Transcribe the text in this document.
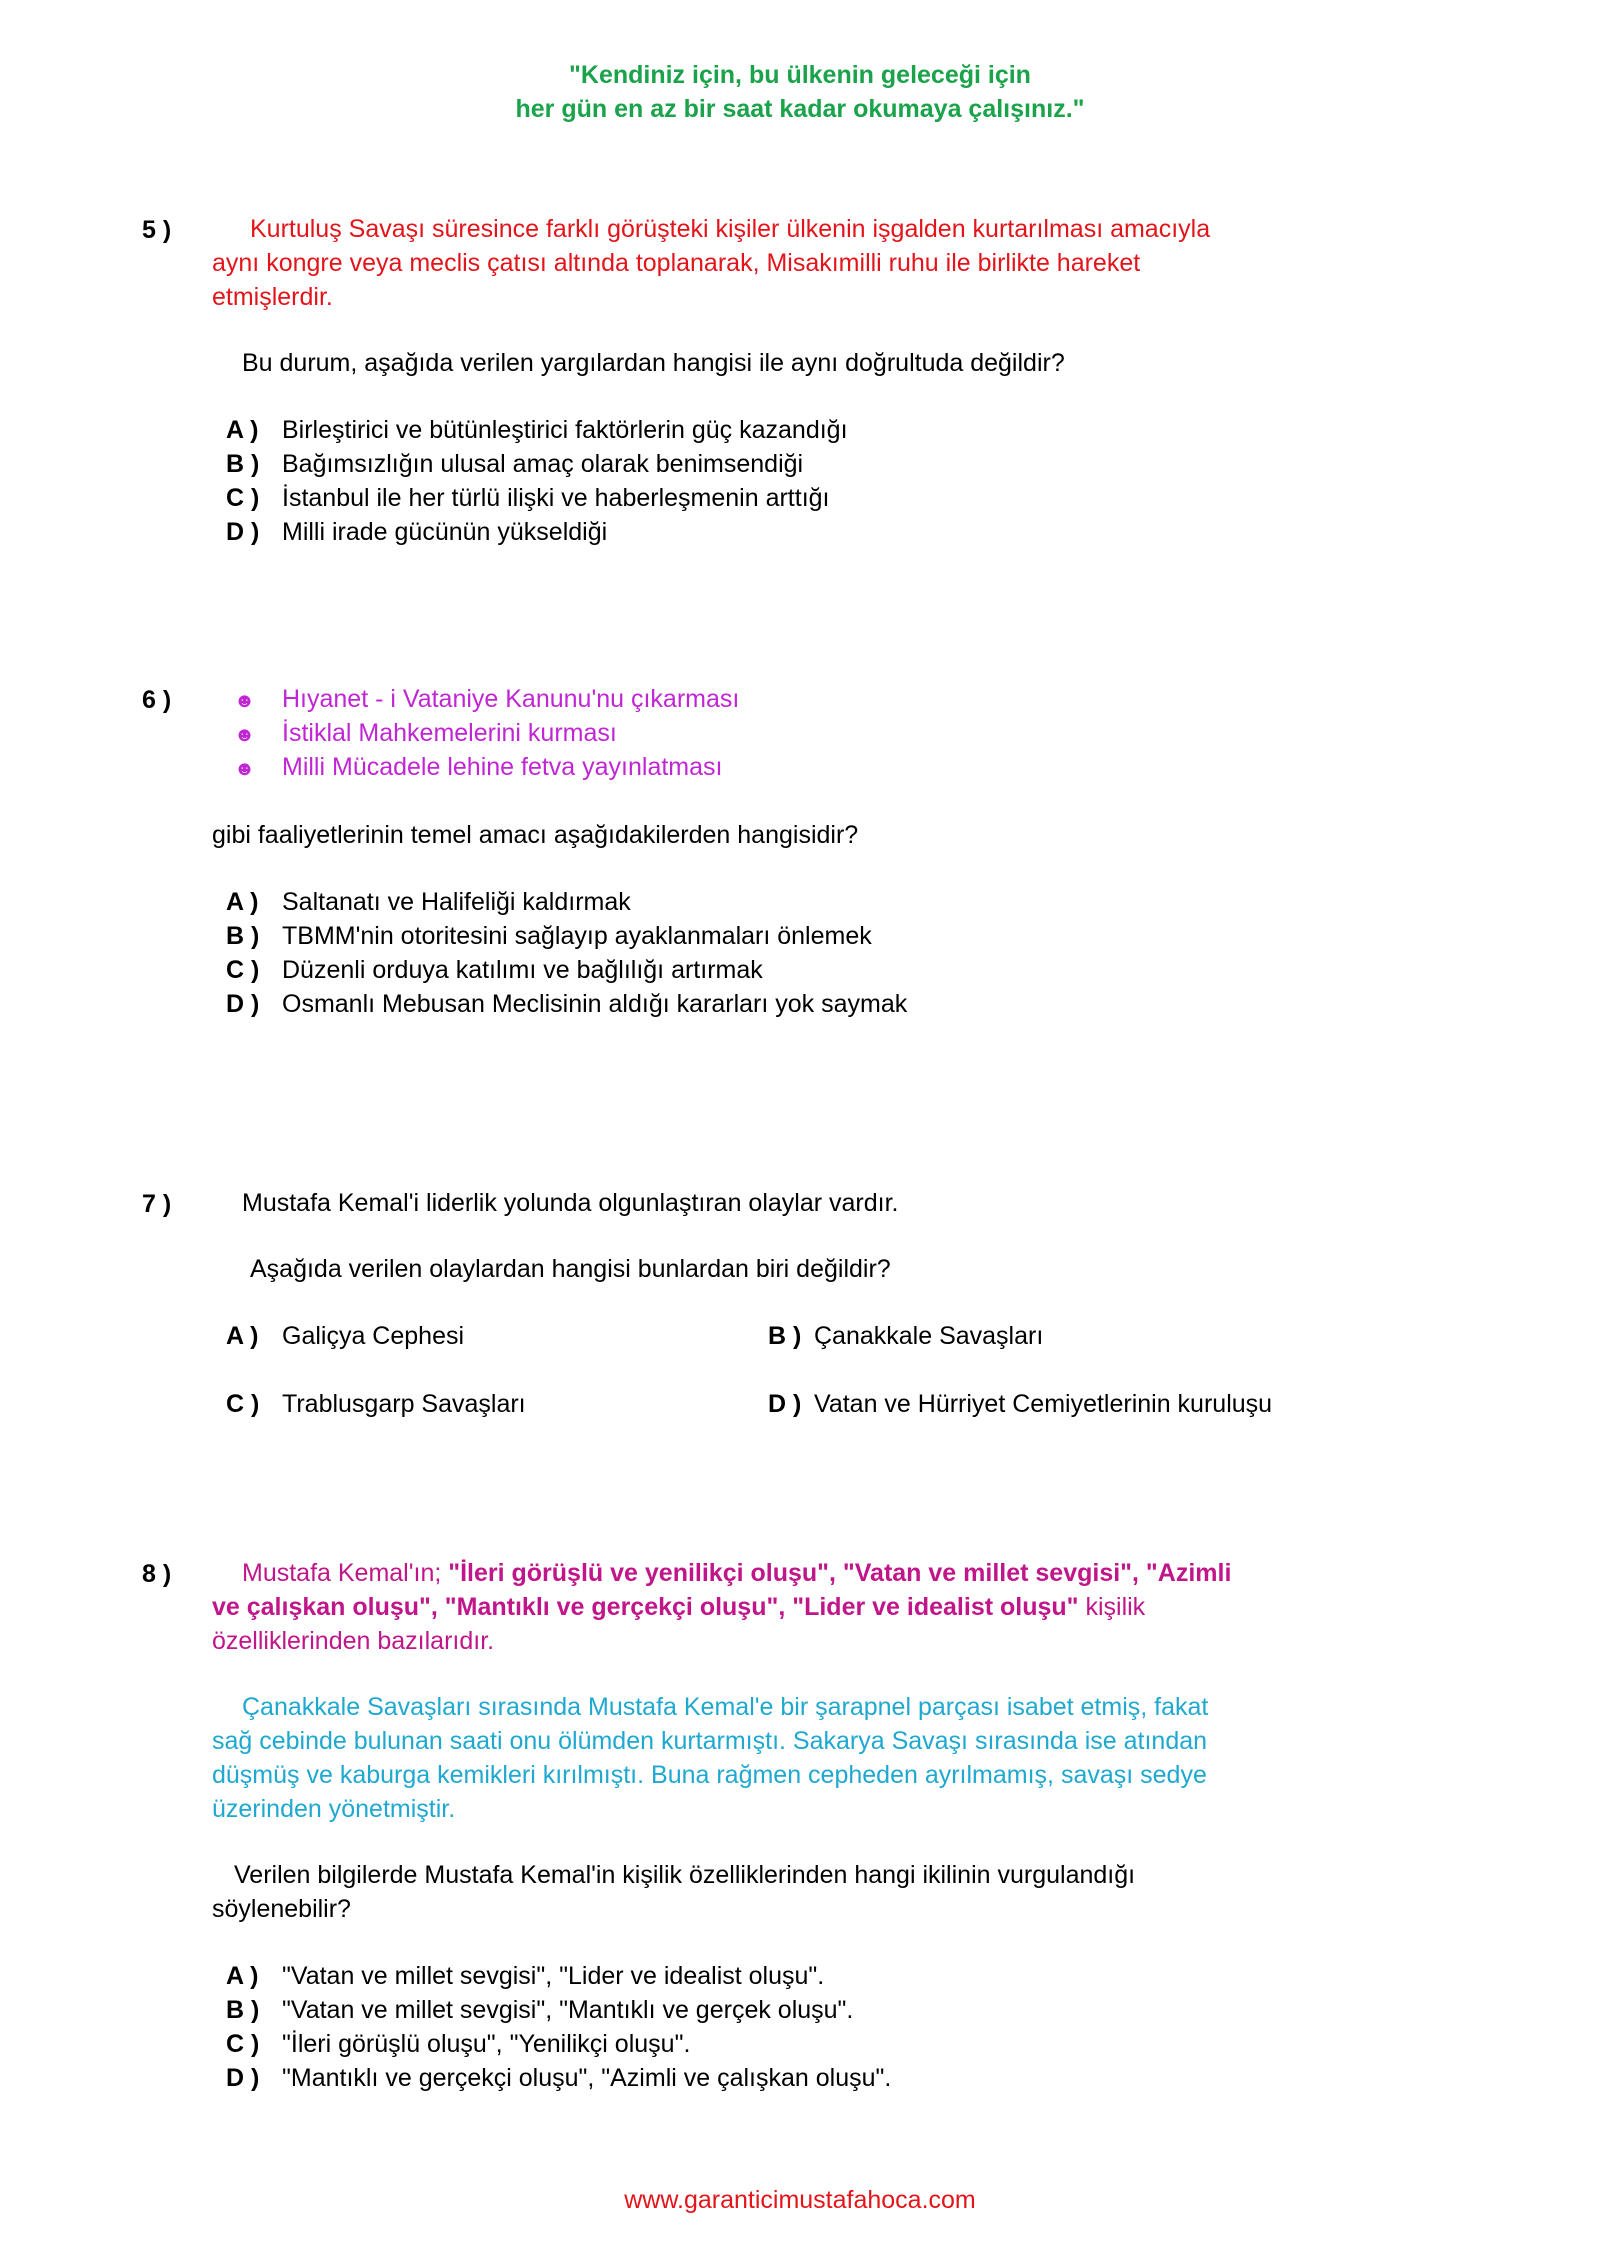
"Kendiniz için, bu ülkenin geleceği için
her gün en az bir saat kadar okumaya çalışınız."
5 )	Kurtuluş Savaşı süresince farklı görüşteki kişiler ülkenin işgalden kurtarılması amacıyla
aynı kongre veya meclis çatısı altında toplanarak, Misakımilli ruhu ile birlikte hareket
etmişlerdir.
Bu durum, aşağıda verilen yargılardan hangisi ile aynı doğrultuda değildir?
A ) Birleştirici ve bütünleştirici faktörlerin güç kazandığı
B ) Bağımsızlığın ulusal amaç olarak benimsendiği
C ) İstanbul ile her türlü ilişki ve haberleşmenin arttığı
D ) Milli irade gücünün yükseldiği
6 )	☻ Hıyanet - i Vataniye Kanunu'nu çıkarması
☻ İstiklal Mahkemelerini kurması
☻ Milli Mücadele lehine fetva yayınlatması
gibi faaliyetlerinin temel amacı aşağıdakilerden hangisidir?
A ) Saltanatı ve Halifeliği kaldırmak
B ) TBMM'nin otoritesini sağlayıp ayaklanmaları önlemek
C ) Düzenli orduya katılımı ve bağlılığı artırmak
D ) Osmanlı Mebusan Meclisinin aldığı kararları yok saymak
7 )	Mustafa Kemal'i liderlik yolunda olgunlaştıran olaylar vardır.
Aşağıda verilen olaylardan hangisi bunlardan biri değildir?
A ) Galiçya Cephesi	B ) Çanakkale Savaşları
C ) Trablusgarp Savaşları	D ) Vatan ve Hürriyet Cemiyetlerinin kuruluşu
8 )	Mustafa Kemal'ın; "İleri görüşlü ve yenilikçi oluşu", "Vatan ve millet sevgisi", "Azimli
ve çalışkan oluşu", "Mantıklı ve gerçekçi oluşu", "Lider ve idealist oluşu" kişilik
özelliklerinden bazılarıdır.
Çanakkale Savaşları sırasında Mustafa Kemal'e bir şarapnel parçası isabet etmiş, fakat
sağ cebinde bulunan saati onu ölümden kurtarmıştı. Sakarya Savaşı sırasında ise atından
düşmüş ve kaburga kemikleri kırılmıştı. Buna rağmen cepheden ayrılmamış, savaşı sedye
üzerinden yönetmiştir.
Verilen bilgilerde Mustafa Kemal'in kişilik özelliklerinden hangi ikilinin vurgulandığı
söylenebilir?
A ) "Vatan ve millet sevgisi", "Lider ve idealist oluşu".
B ) "Vatan ve millet sevgisi", "Mantıklı ve gerçek oluşu".
C ) "İleri görüşlü oluşu", "Yenilikçi oluşu".
D ) "Mantıklı ve gerçekçi oluşu", "Azimli ve çalışkan oluşu".
www.garanticimustafahoca.com
